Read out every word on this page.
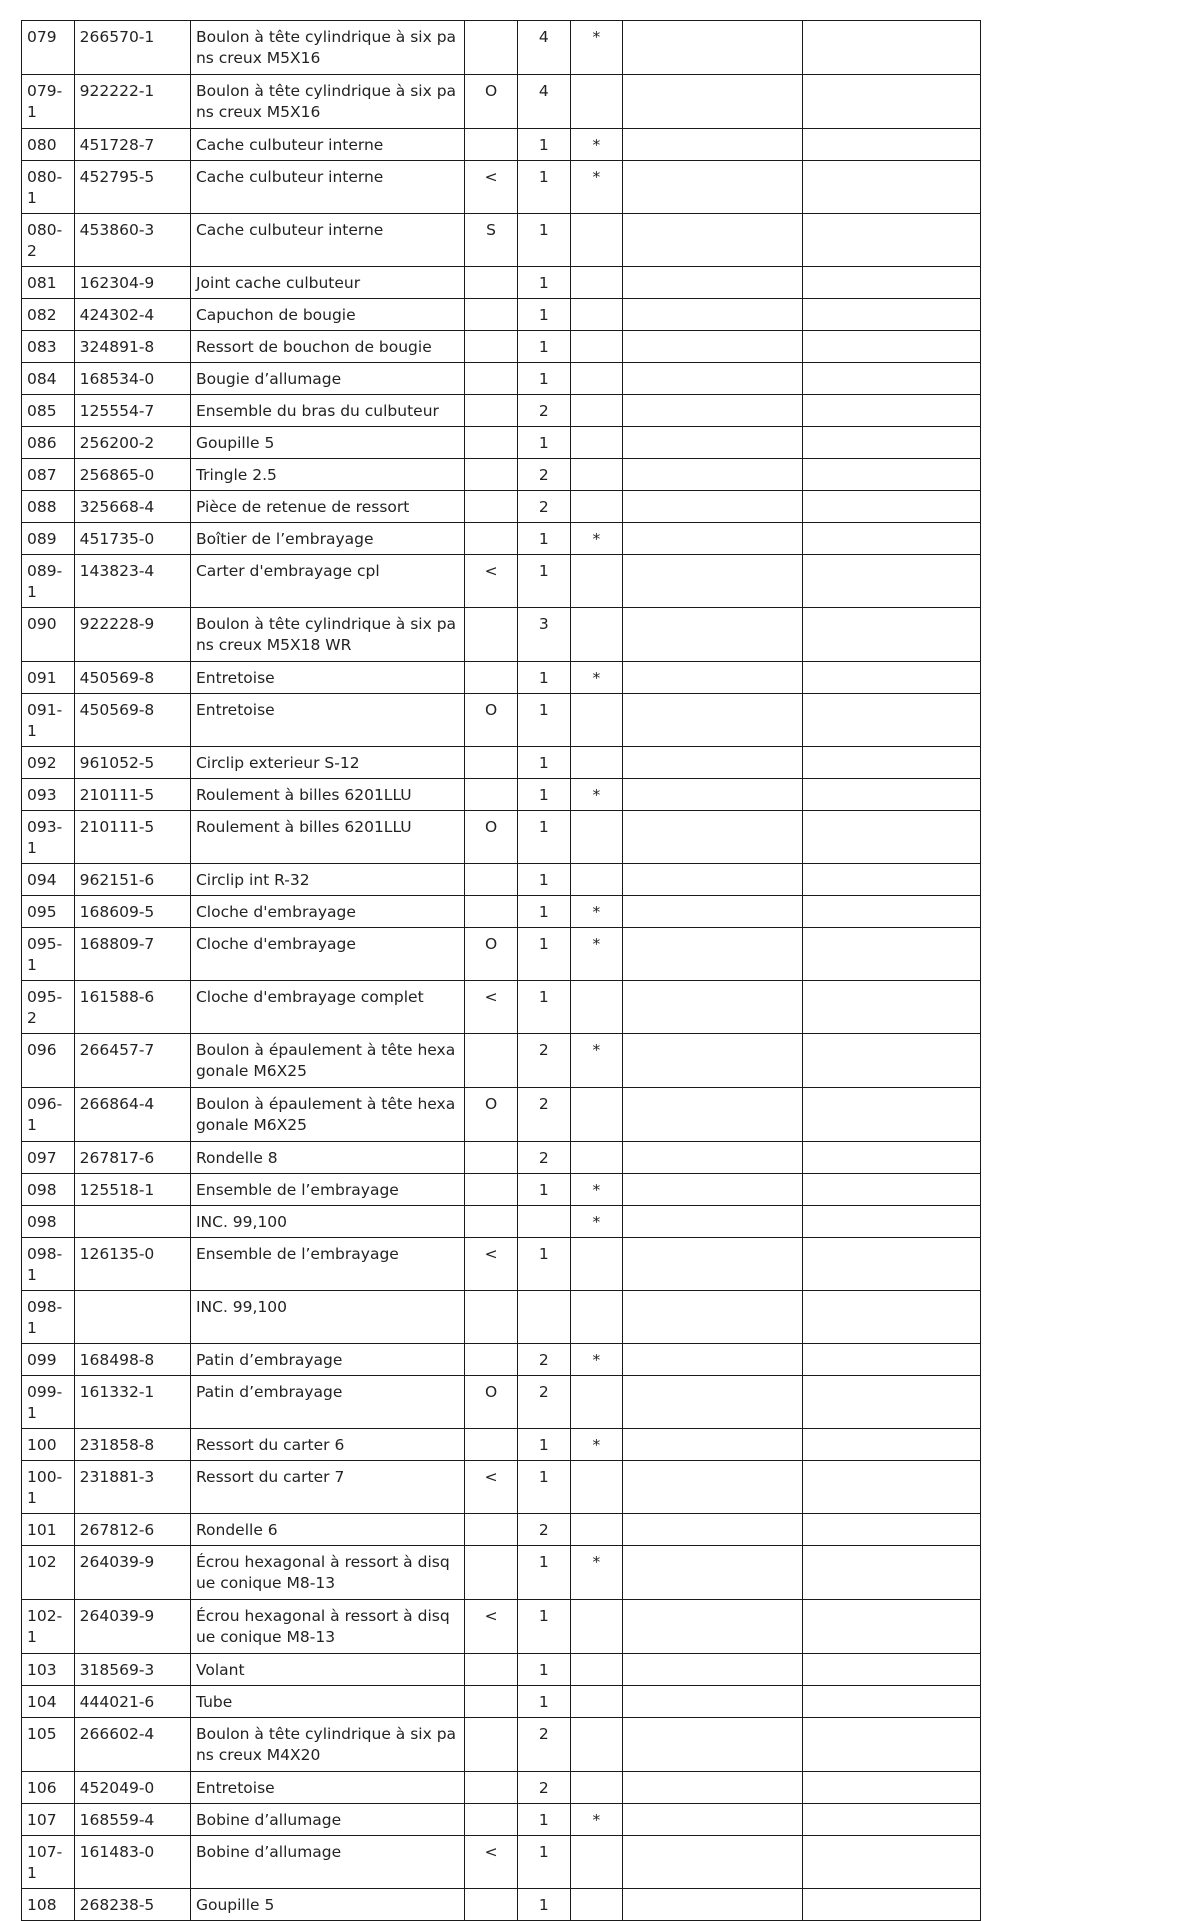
079	266570-1	Boulon à tête cylindrique à six pans creux M5X16		4	*		
079-1	922222-1	Boulon à tête cylindrique à six pans creux M5X16	O	4			
080	451728-7	Cache culbuteur interne		1	*		
080-1	452795-5	Cache culbuteur interne	<	1	*		
080-2	453860-3	Cache culbuteur interne	S	1			
081	162304-9	Joint cache culbuteur		1			
082	424302-4	Capuchon de bougie		1			
083	324891-8	Ressort de bouchon de bougie		1			
084	168534-0	Bougie d’allumage		1			
085	125554-7	Ensemble du bras du culbuteur		2			
086	256200-2	Goupille 5		1			
087	256865-0	Tringle 2.5		2			
088	325668-4	Pièce de retenue de ressort		2			
089	451735-0	Boîtier de l’embrayage		1	*		
089-1	143823-4	Carter d'embrayage cpl	<	1			
090	922228-9	Boulon à tête cylindrique à six pans creux M5X18 WR		3			
091	450569-8	Entretoise		1	*		
091-1	450569-8	Entretoise	O	1			
092	961052-5	Circlip exterieur S-12		1			
093	210111-5	Roulement à billes 6201LLU		1	*		
093-1	210111-5	Roulement à billes 6201LLU	O	1			
094	962151-6	Circlip int R-32		1			
095	168609-5	Cloche d'embrayage		1	*		
095-1	168809-7	Cloche d'embrayage	O	1	*		
095-2	161588-6	Cloche d'embrayage complet	<	1			
096	266457-7	Boulon à épaulement à tête hexagonale M6X25		2	*		
096-1	266864-4	Boulon à épaulement à tête hexagonale M6X25	O	2			
097	267817-6	Rondelle 8		2			
098	125518-1	Ensemble de l’embrayage		1	*		
098		INC. 99,100			*		
098-1	126135-0	Ensemble de l’embrayage	<	1			
098-1		INC. 99,100					
099	168498-8	Patin d’embrayage		2	*		
099-1	161332-1	Patin d’embrayage	O	2			
100	231858-8	Ressort du carter 6		1	*		
100-1	231881-3	Ressort du carter 7	<	1			
101	267812-6	Rondelle 6		2			
102	264039-9	Écrou hexagonal à ressort à disque conique M8-13		1	*		
102-1	264039-9	Écrou hexagonal à ressort à disque conique M8-13	<	1			
103	318569-3	Volant		1			
104	444021-6	Tube		1			
105	266602-4	Boulon à tête cylindrique à six pans creux M4X20		2			
106	452049-0	Entretoise		2			
107	168559-4	Bobine d’allumage		1	*		
107-1	161483-0	Bobine d’allumage	<	1			
108	268238-5	Goupille 5		1			
